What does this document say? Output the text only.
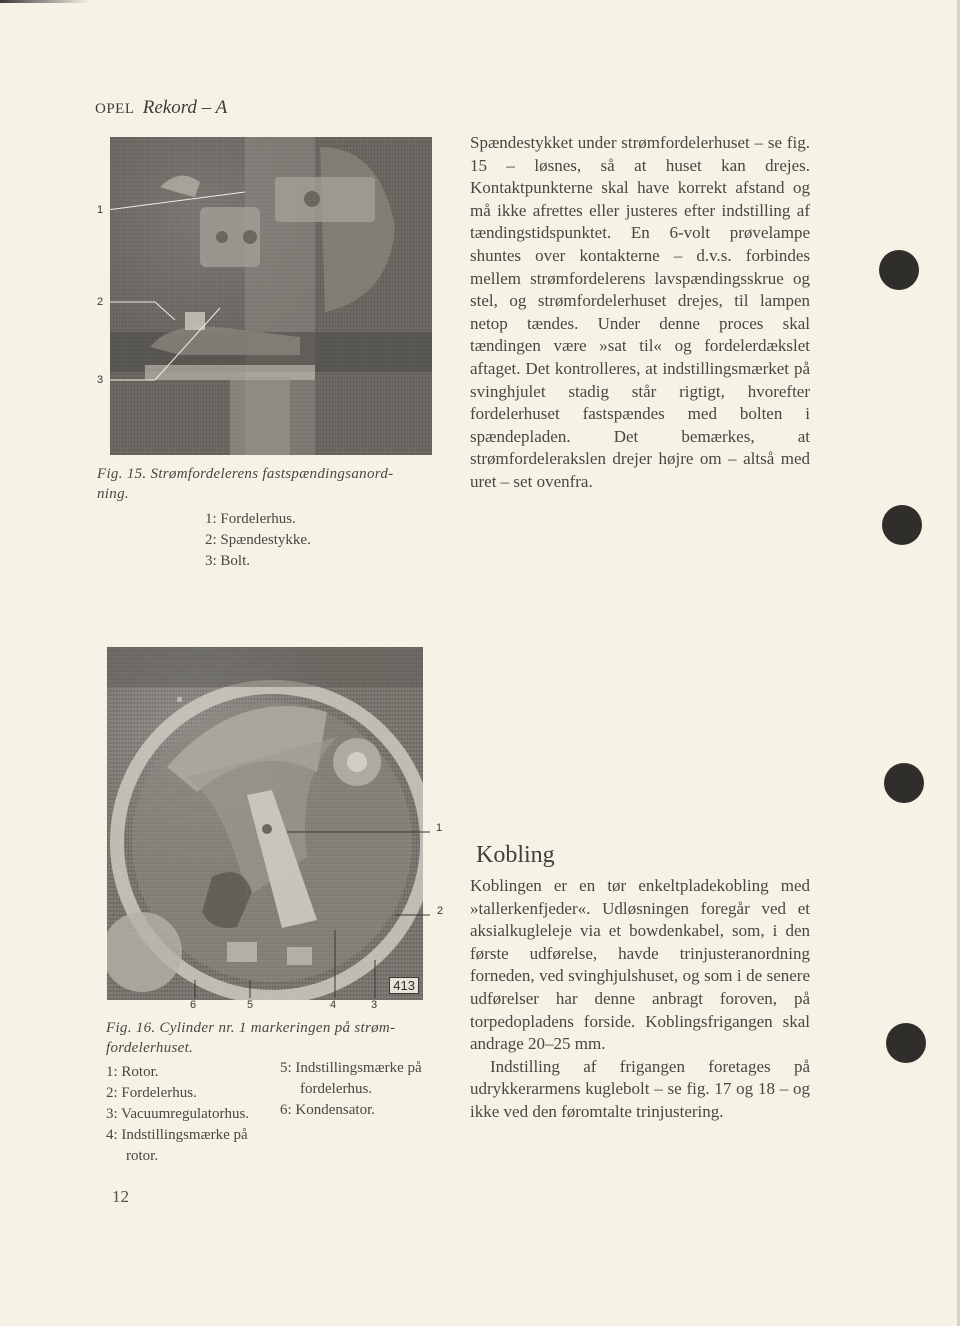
OPEL Rekord – A
1
2
3
Fig. 15. Strømfordelerens fastspændingsanord-
ning.
1: Fordelerhus.
2: Spændestykke.
3: Bolt.

Spændestykket under strømfordelerhuset – se fig. 15 – løsnes, så at huset kan drejes. Kontaktpunkterne skal have korrekt afstand og må ikke afrettes eller justeres efter indstilling af tændingstidspunktet. En 6-volt prøvelampe shuntes over kontakterne – d.v.s. forbindes mellem strømfordelerens lavspændingsskrue og stel, og strømfordelerhuset drejes, til lampen netop tændes. Under denne proces skal tændingen være »sat til« og fordelerdækslet aftaget. Det kontrolleres, at indstillingsmærket på svinghjulet stadig står rigtigt, hvorefter fordelerhuset fastspændes med bolten i spændepladen. Det bemærkes, at strømfordelerakslen drejer højre om – altså med uret – set ovenfra.

413
1
2
6	5	4	3
Fig. 16. Cylinder nr. 1 markeringen på strøm-
fordelerhuset.
1: Rotor.
2: Fordelerhus.
3: Vacuumregulatorhus.
4: Indstillingsmærke på
rotor.
5: Indstillingsmærke på
fordelerhus.
6: Kondensator.
Kobling

Koblingen er en tør enkeltpladekobling med »tallerkenfjeder«. Udløsningen foregår ved et aksialkugleleje via et bowdenkabel, som, i den første udførelse, havde trinjusteranordning forneden, ved svinghjulshuset, og som i de senere udførelser har denne anbragt foroven, på torpedopladens forside. Koblingsfrigangen skal andrage 20–25 mm.

Indstilling af frigangen foretages på udrykkerarmens kuglebolt – se fig. 17 og 18 – og ikke ved den føromtalte trinjustering.

12
